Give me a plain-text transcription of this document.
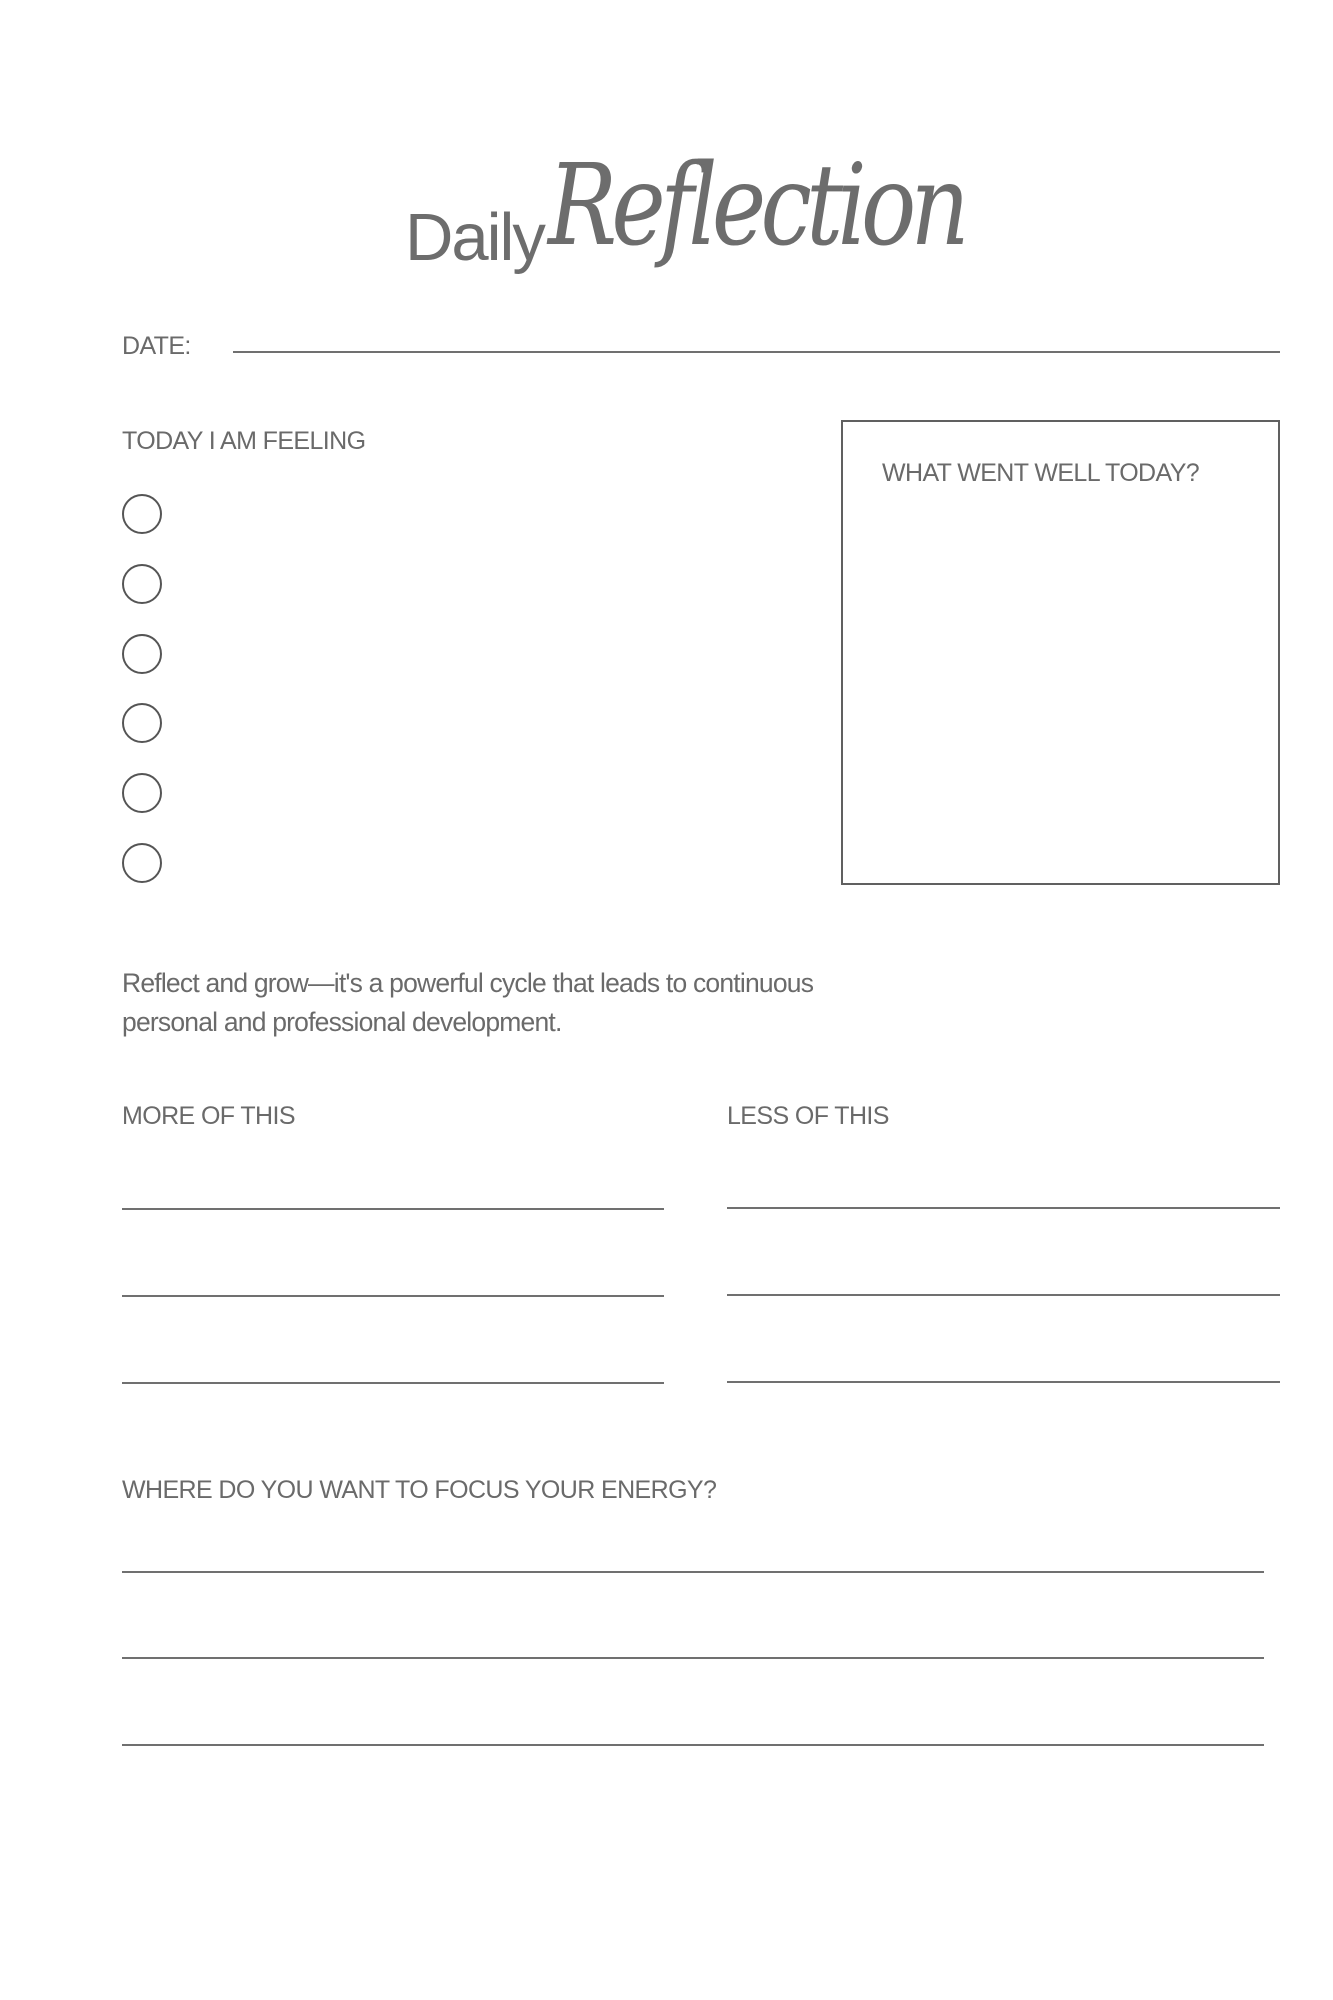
Daily Reflection
DATE:
TODAY I AM FEELING
WHAT WENT WELL TODAY?
Reflect and grow—it's a powerful cycle that leads to continuous personal and professional development.
MORE OF THIS	LESS OF THIS
WHERE DO YOU WANT TO FOCUS YOUR ENERGY?
